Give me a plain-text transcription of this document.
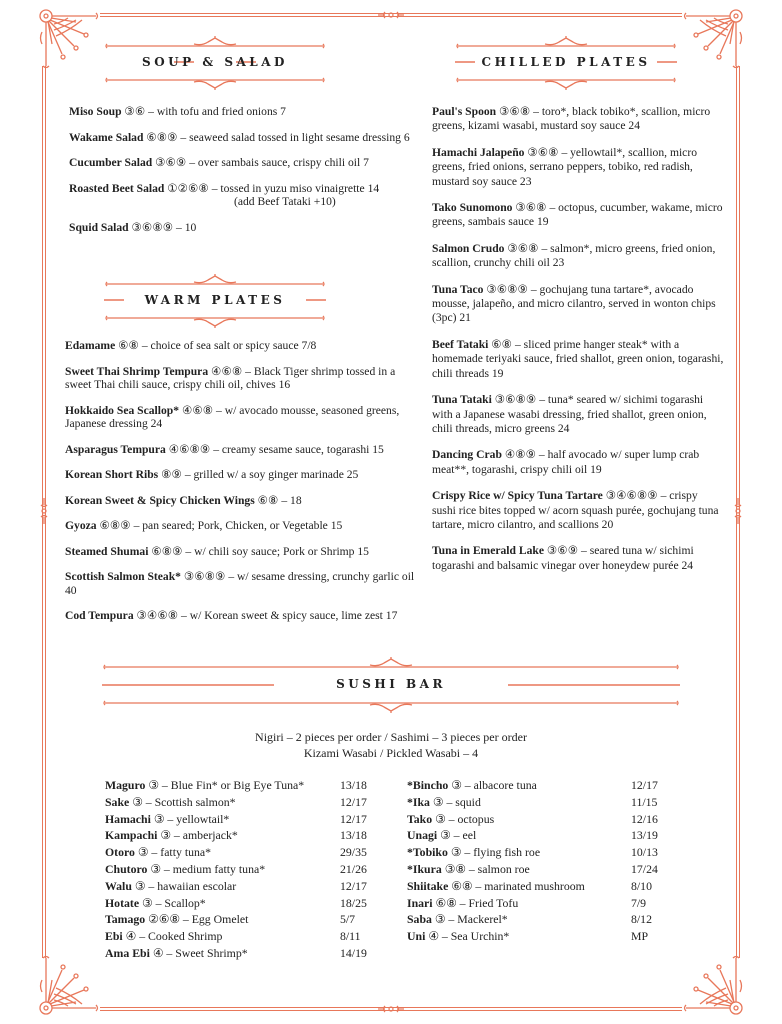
SOUP & SALAD	CHILLED PLATES
WARM PLATES
SUSHI BAR
Miso Soup ③⑥ – with tofu and fried onions 7
Wakame Salad ⑥⑧⑨ – seaweed salad tossed in light sesame dressing 6
Cucumber Salad ③⑥⑨ – over sambais sauce, crispy chili oil 7
Roasted Beet Salad ①②⑥⑧ – tossed in yuzu miso vinaigrette 14
(add Beef Tataki +10)
Squid Salad ③⑥⑧⑨ – 10
Edamame ⑥⑧ – choice of sea salt or spicy sauce 7/8
Sweet Thai Shrimp Tempura ④⑥⑧ – Black Tiger shrimp tossed in a sweet Thai chili sauce, crispy chili oil, chives 16
Hokkaido Sea Scallop* ④⑥⑧ – w/ avocado mousse, seasoned greens, Japanese dressing 24
Asparagus Tempura ④⑥⑧⑨ – creamy sesame sauce, togarashi 15
Korean Short Ribs ⑧⑨ – grilled w/ a soy ginger marinade 25
Korean Sweet & Spicy Chicken Wings ⑥⑧ – 18
Gyoza ⑥⑧⑨ – pan seared; Pork, Chicken, or Vegetable 15
Steamed Shumai ⑥⑧⑨ – w/ chili soy sauce; Pork or Shrimp 15
Scottish Salmon Steak* ③⑥⑧⑨ – w/ sesame dressing, crunchy garlic oil 40
Cod Tempura ③④⑥⑧ – w/ Korean sweet & spicy sauce, lime zest 17
Paul's Spoon ③⑥⑧ – toro*, black tobiko*, scallion, micro greens, kizami wasabi, mustard soy sauce 24
Hamachi Jalapeño ③⑥⑧ – yellowtail*, scallion, micro greens, fried onions, serrano peppers, tobiko, red radish, mustard soy sauce 23
Tako Sunomono ③⑥⑧ – octopus, cucumber, wakame, micro greens, sambais sauce 19
Salmon Crudo ③⑥⑧ – salmon*, micro greens, fried onion, scallion, crunchy chili oil 23
Tuna Taco ③⑥⑧⑨ – gochujang tuna tartare*, avocado mousse, jalapeño, and micro cilantro, served in wonton chips (3pc) 21
Beef Tataki ⑥⑧ – sliced prime hanger steak* with a homemade teriyaki sauce, fried shallot, green onion, togarashi, chili threads 19
Tuna Tataki ③⑥⑧⑨ – tuna* seared w/ sichimi togarashi with a Japanese wasabi dressing, fried shallot, green onion, chili threads, micro greens 24
Dancing Crab ④⑧⑨ – half avocado w/ super lump crab meat**, togarashi, crispy chili oil 19
Crispy Rice w/ Spicy Tuna Tartare ③④⑥⑧⑨ – crispy sushi rice bites topped w/ acorn squash purée, gochujang tuna tartare, micro cilantro, and scallions 20
Tuna in Emerald Lake ③⑥⑨ – seared tuna w/ sichimi togarashi and balsamic vinegar over honeydew purée 24
Nigiri – 2 pieces per order / Sashimi – 3 pieces per order
Kizami Wasabi / Pickled Wasabi – 4
Maguro ③ – Blue Fin* or Big Eye Tuna*	13/18
Sake ③ – Scottish salmon*	12/17
Hamachi ③ – yellowtail*	12/17
Kampachi ③ – amberjack*	13/18
Otoro ③ – fatty tuna*	29/35
Chutoro ③ – medium fatty tuna*	21/26
Walu ③ – hawaiian escolar	12/17
Hotate ③ – Scallop*	18/25
Tamago ②⑥⑧ – Egg Omelet	5/7
Ebi ④ – Cooked Shrimp	8/11
Ama Ebi ④ – Sweet Shrimp*	14/19
*Bincho ③ – albacore tuna	12/17
*Ika ③ – squid	11/15
Tako ③ – octopus	12/16
Unagi ③ – eel	13/19
*Tobiko ③ – flying fish roe	10/13
*Ikura ③⑧ – salmon roe	17/24
Shiitake ⑥⑧ – marinated mushroom	8/10
Inari ⑥⑧ – Fried Tofu	7/9
Saba ③ – Mackerel*	8/12
Uni ④ – Sea Urchin*	MP
